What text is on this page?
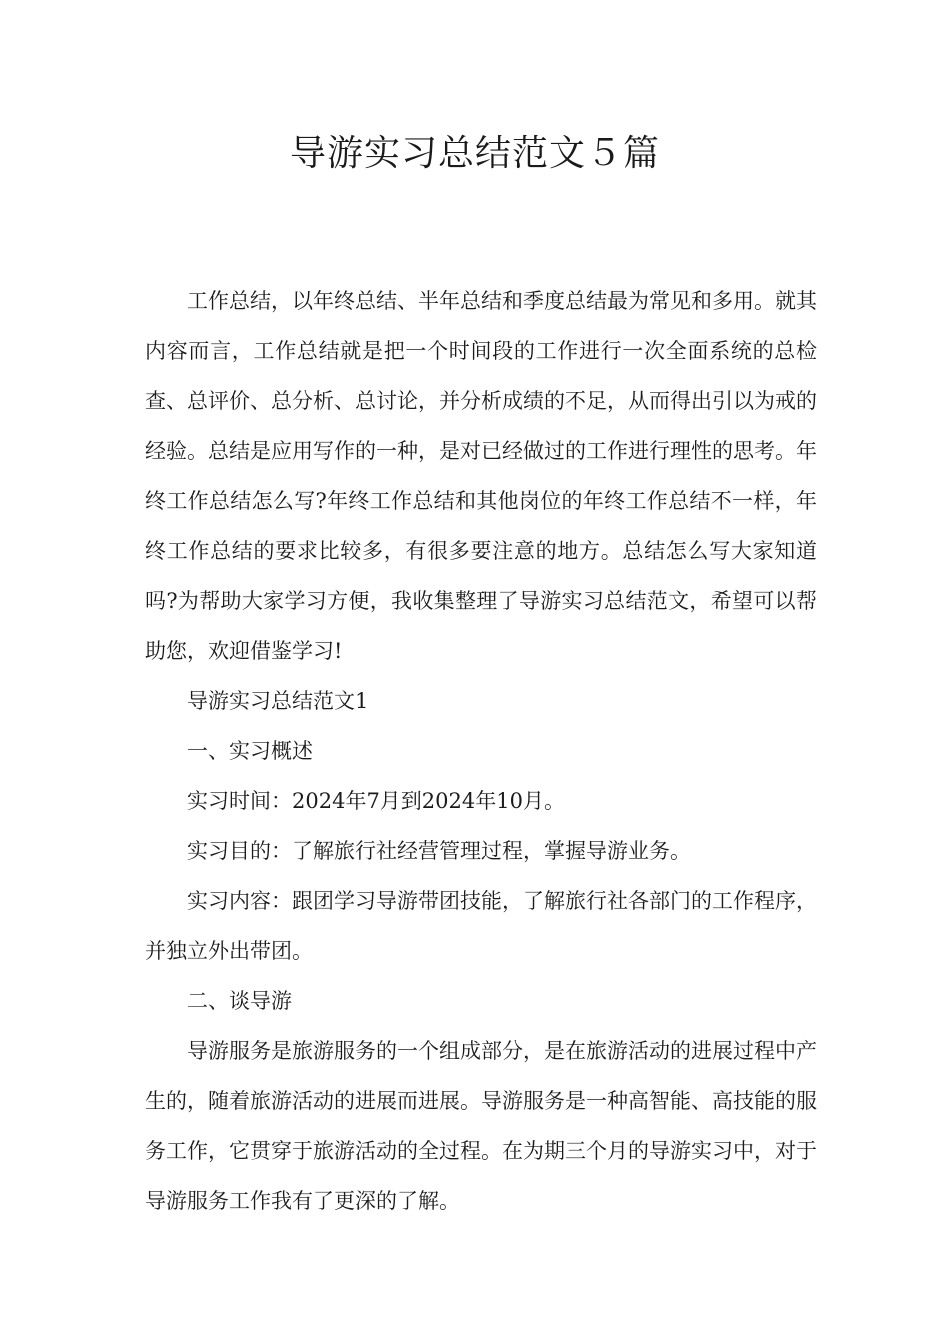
导游实习总结范文５篇

工作总结，以年终总结、半年总结和季度总结最为常见和多用。就其内容而言，工作总结就是把一个时间段的工作进行一次全面系统的总检查、总评价、总分析、总讨论，并分析成绩的不足，从而得出引以为戒的经验。总结是应用写作的一种，是对已经做过的工作进行理性的思考。年终工作总结怎么写?年终工作总结和其他岗位的年终工作总结不一样，年终工作总结的要求比较多，有很多要注意的地方。总结怎么写大家知道吗?为帮助大家学习方便，我收集整理了导游实习总结范文，希望可以帮助您，欢迎借鉴学习!

导游实习总结范文1

一、实习概述

实习时间：2024年7月到2024年10月。

实习目的：了解旅行社经营管理过程，掌握导游业务。

实习内容：跟团学习导游带团技能，了解旅行社各部门的工作程序，并独立外出带团。

二、谈导游

导游服务是旅游服务的一个组成部分，是在旅游活动的进展过程中产生的，随着旅游活动的进展而进展。导游服务是一种高智能、高技能的服务工作，它贯穿于旅游活动的全过程。在为期三个月的导游实习中，对于导游服务工作我有了更深的了解。
